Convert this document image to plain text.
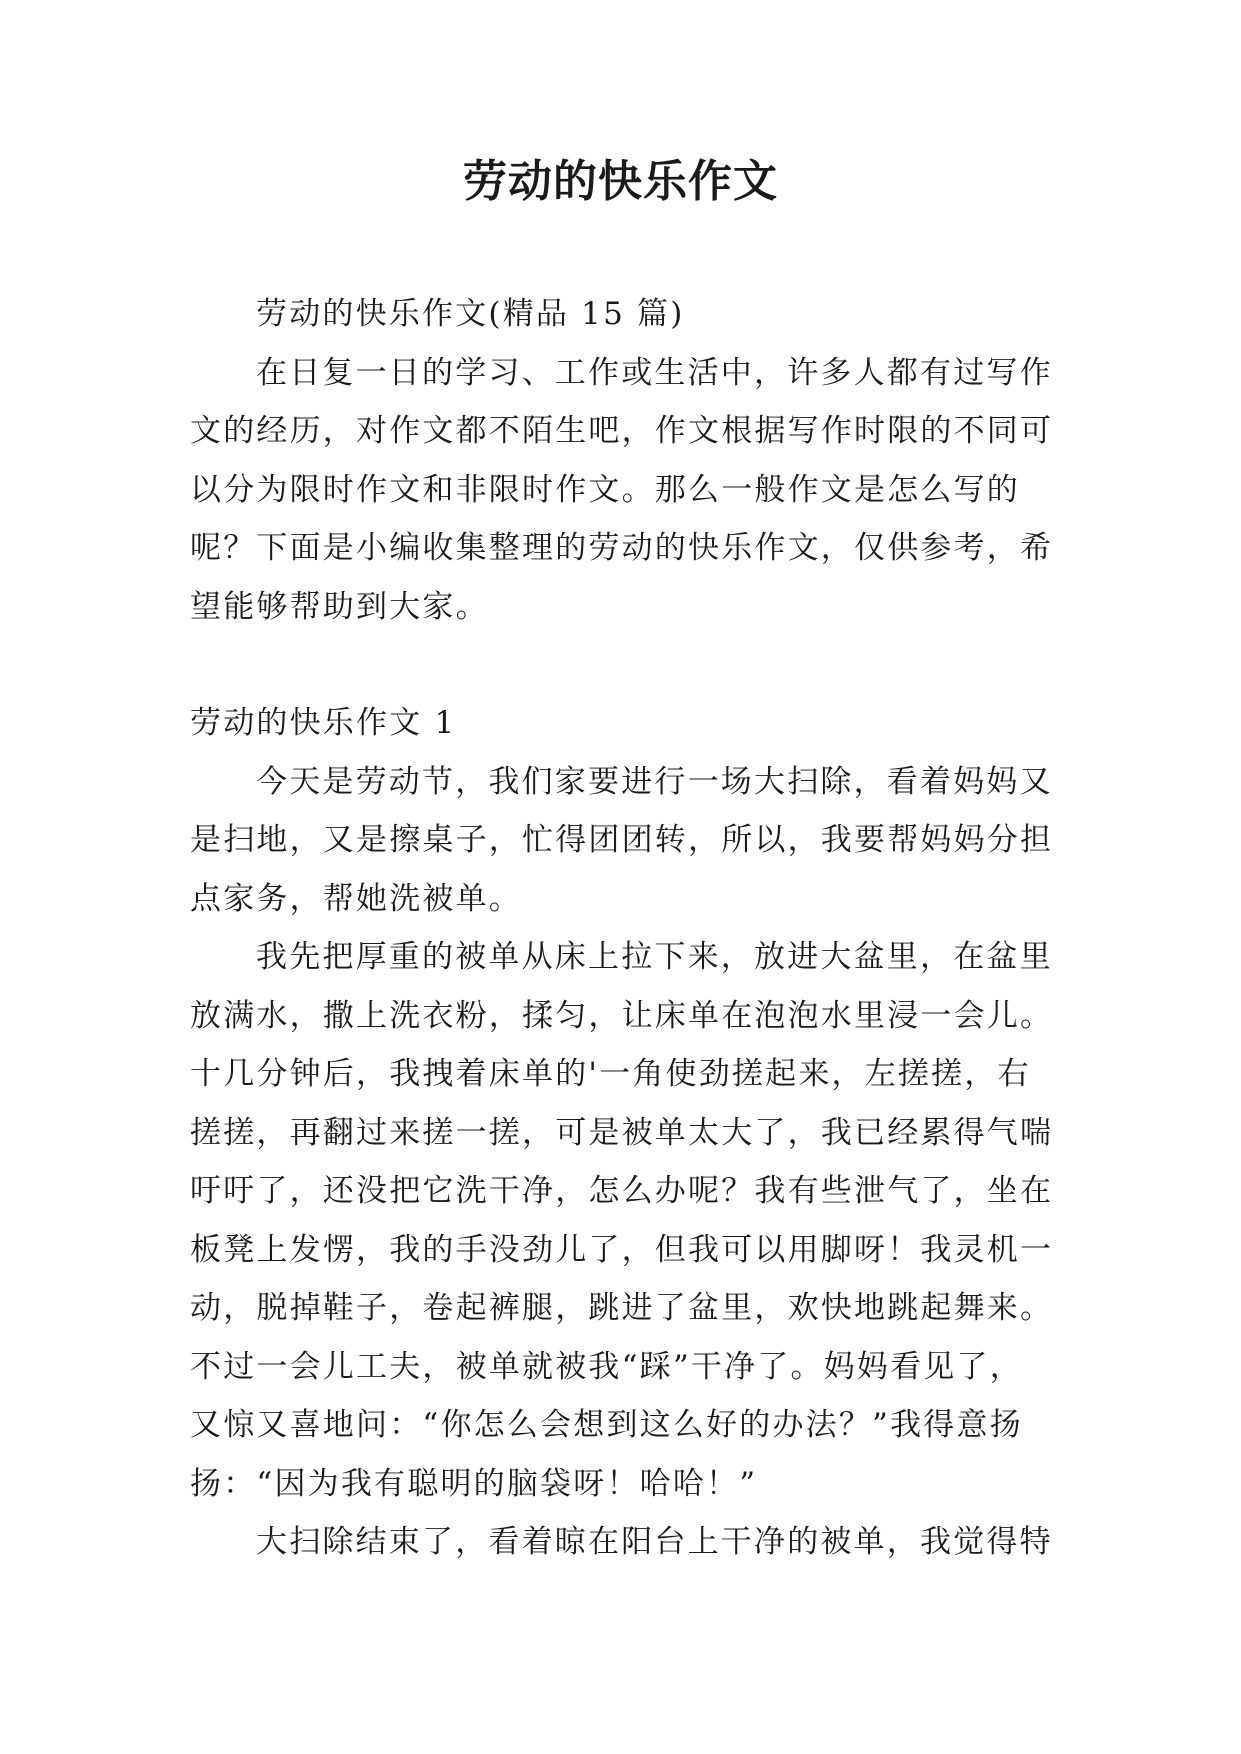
劳动的快乐作文

劳动的快乐作文(精品 15 篇)

在日复一日的学习、工作或生活中，许多人都有过写作

文的经历，对作文都不陌生吧，作文根据写作时限的不同可

以分为限时作文和非限时作文。那么一般作文是怎么写的

呢？下面是小编收集整理的劳动的快乐作文，仅供参考，希

望能够帮助到大家。

劳动的快乐作文 1

今天是劳动节，我们家要进行一场大扫除，看着妈妈又

是扫地，又是擦桌子，忙得团团转，所以，我要帮妈妈分担

点家务，帮她洗被单。

我先把厚重的被单从床上拉下来，放进大盆里，在盆里

放满水，撒上洗衣粉，揉匀，让床单在泡泡水里浸一会儿。

十几分钟后，我拽着床单的'一角使劲搓起来，左搓搓，右

搓搓，再翻过来搓一搓，可是被单太大了，我已经累得气喘

吁吁了，还没把它洗干净，怎么办呢？我有些泄气了，坐在

板凳上发愣，我的手没劲儿了，但我可以用脚呀！我灵机一

动，脱掉鞋子，卷起裤腿，跳进了盆里，欢快地跳起舞来。

不过一会儿工夫，被单就被我“踩”干净了。妈妈看见了，

又惊又喜地问：“你怎么会想到这么好的办法？”我得意扬

扬：“因为我有聪明的脑袋呀！哈哈！”

大扫除结束了，看着晾在阳台上干净的被单，我觉得特
